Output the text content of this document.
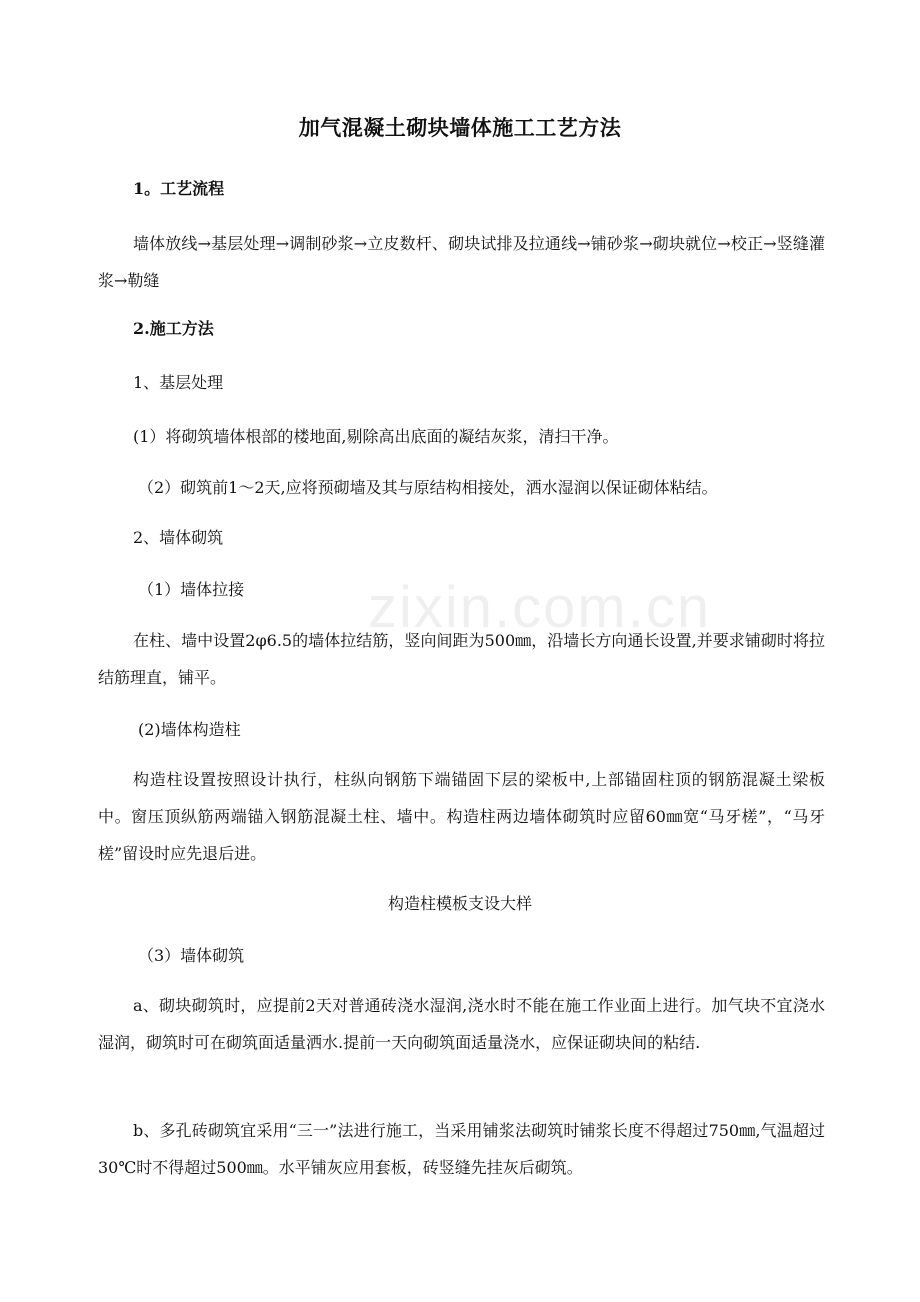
zixin.com.cn
加气混凝土砌块墙体施工工艺方法
1。工艺流程
墙体放线→基层处理→调制砂浆→立皮数杆、砌块试排及拉通线→铺砂浆→砌块就位→校正→竖缝灌浆→勒缝
2.施工方法
1、基层处理
(1）将砌筑墙体根部的楼地面,剔除高出底面的凝结灰浆，清扫干净。
（2）砌筑前1～2天,应将预砌墙及其与原结构相接处，洒水湿润以保证砌体粘结。
2、墙体砌筑
（1）墙体拉接
在柱、墙中设置2φ6.5的墙体拉结筋，竖向间距为500㎜，沿墙长方向通长设置,并要求铺砌时将拉结筋理直，铺平。
(2)墙体构造柱
构造柱设置按照设计执行，柱纵向钢筋下端锚固下层的梁板中,上部锚固柱顶的钢筋混凝土梁板中。窗压顶纵筋两端锚入钢筋混凝土柱、墙中。构造柱两边墙体砌筑时应留60㎜宽“马牙槎”，“马牙槎”留设时应先退后进。
构造柱模板支设大样
（3）墙体砌筑
a、砌块砌筑时，应提前2天对普通砖浇水湿润,浇水时不能在施工作业面上进行。加气块不宜浇水湿润，砌筑时可在砌筑面适量洒水.提前一天向砌筑面适量浇水，应保证砌块间的粘结.
b、多孔砖砌筑宜采用“三一”法进行施工，当采用铺浆法砌筑时铺浆长度不得超过750㎜,气温超过30℃时不得超过500㎜。水平铺灰应用套板，砖竖缝先挂灰后砌筑。
